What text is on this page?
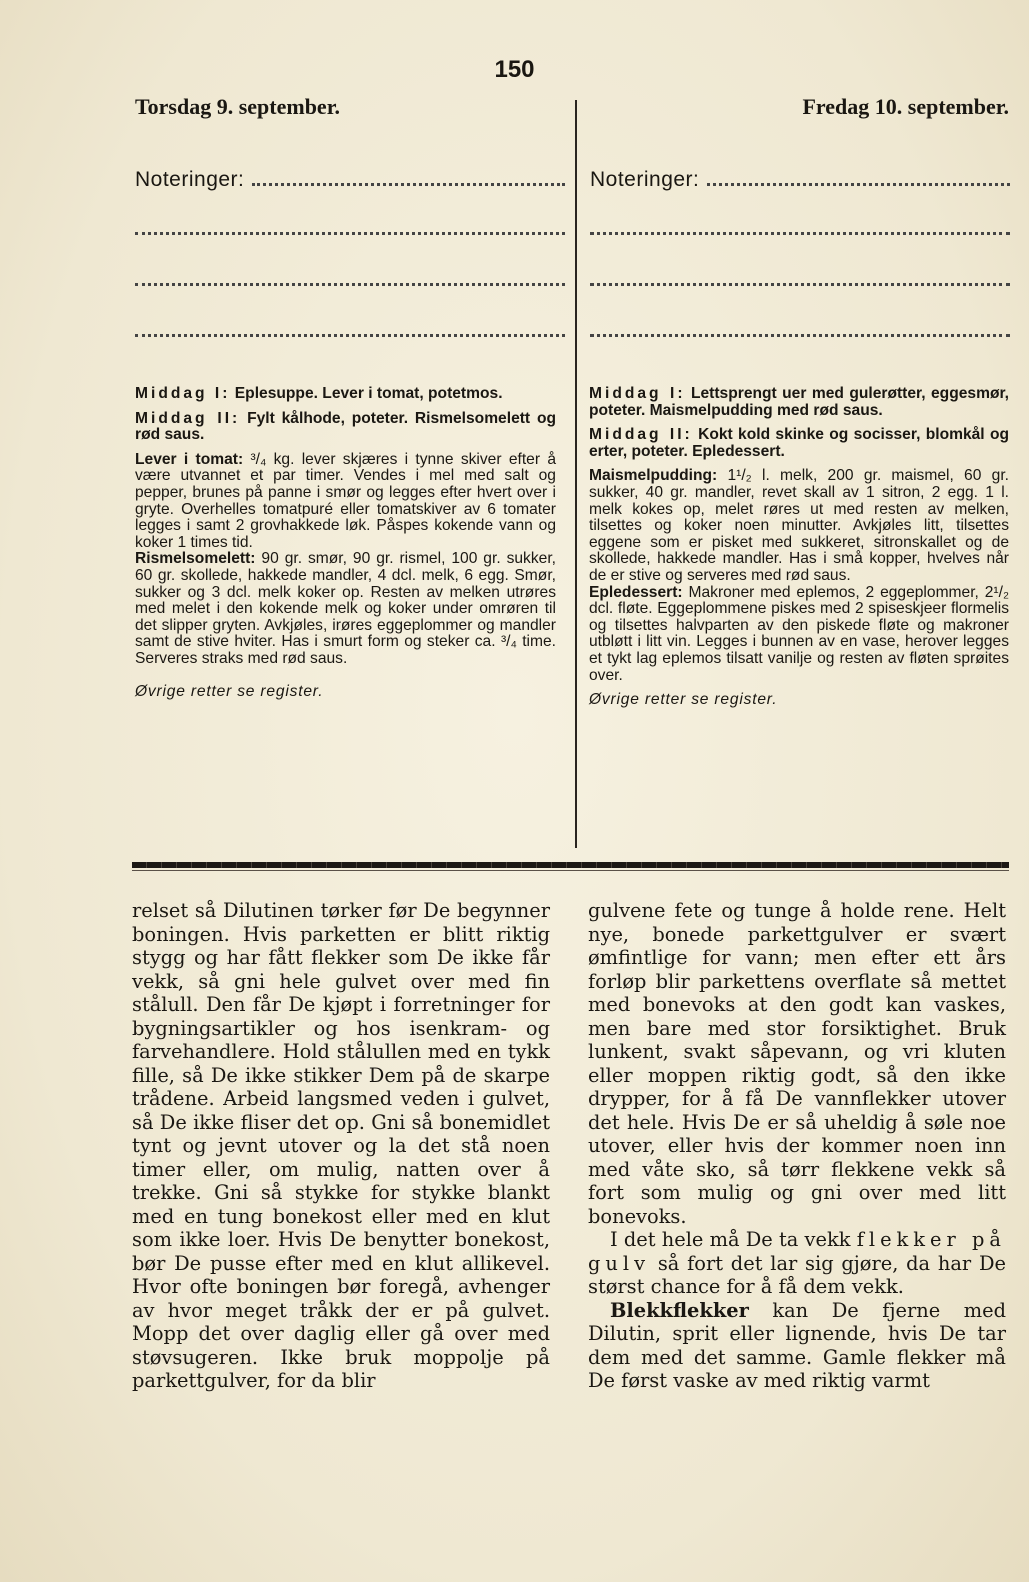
150
Torsdag 9. september.	Fredag 10. september.
Noteringer:	Noteringer:

Middag I: Eplesuppe. Lever i tomat, potetmos.

Middag II: Fylt kålhode, poteter. Rismelsomelett og rød saus.

Lever i tomat: ³/₄ kg. lever skjæres i tynne skiver efter å være utvannet et par timer. Vendes i mel med salt og pepper, brunes på panne i smør og legges efter hvert over i gryte. Overhelles tomatpuré eller tomatskiver av 6 tomater legges i samt 2 grovhakkede løk. Påspes kokende vann og koker 1 times tid.

Rismelsomelett: 90 gr. smør, 90 gr. rismel, 100 gr. sukker, 60 gr. skollede, hakkede mandler, 4 dcl. melk, 6 egg. Smør, sukker og 3 dcl. melk koker op. Resten av melken utrøres med melet i den kokende melk og koker under omrøren til det slipper gryten. Avkjøles, irøres eggeplommer og mandler samt de stive hviter. Has i smurt form og steker ca. ³/₄ time. Serveres straks med rød saus.

Øvrige retter se register.

Middag I: Lettsprengt uer med gulerøtter, eggesmør, poteter. Maismelpudding med rød saus.

Middag II: Kokt kold skinke og socisser, blomkål og erter, poteter. Epledessert.

Maismelpudding: 1¹/₂ l. melk, 200 gr. maismel, 60 gr. sukker, 40 gr. mandler, revet skall av 1 sitron, 2 egg. 1 l. melk kokes op, melet røres ut med resten av melken, tilsettes og koker noen minutter. Avkjøles litt, tilsettes eggene som er pisket med sukkeret, sitronskallet og de skollede, hakkede mandler. Has i små kopper, hvelves når de er stive og serveres med rød saus.

Epledessert: Makroner med eplemos, 2 eggeplommer, 2¹/₂ dcl. fløte. Eggeplommene piskes med 2 spiseskjeer flormelis og tilsettes halvparten av den piskede fløte og makroner utbløtt i litt vin. Legges i bunnen av en vase, herover legges et tykt lag eplemos tilsatt vanilje og resten av fløten sprøites over.

Øvrige retter se register.

relset så Dilutinen tørker før De begynner boningen. Hvis parketten er blitt riktig stygg og har fått flekker som De ikke får vekk, så gni hele gulvet over med fin stålull. Den får De kjøpt i forretninger for bygningsartikler og hos isenkram- og farvehandlere. Hold stålullen med en tykk fille, så De ikke stikker Dem på de skarpe trådene. Arbeid langsmed veden i gulvet, så De ikke fliser det op. Gni så bonemidlet tynt og jevnt utover og la det stå noen timer eller, om mulig, natten over å trekke. Gni så stykke for stykke blankt med en tung bonekost eller med en klut som ikke loer. Hvis De benytter bonekost, bør De pusse efter med en klut allikevel. Hvor ofte boningen bør foregå, avhenger av hvor meget tråkk der er på gulvet. Mopp det over daglig eller gå over med støvsugeren. Ikke bruk moppolje på parkettgulver, for da blir

gulvene fete og tunge å holde rene. Helt nye, bonede parkettgulver er svært ømfintlige for vann; men efter ett års forløp blir parkettens overflate så mettet med bonevoks at den godt kan vaskes, men bare med stor forsiktighet. Bruk lunkent, svakt såpevann, og vri kluten eller moppen riktig godt, så den ikke drypper, for å få De vannflekker utover det hele. Hvis De er så uheldig å søle noe utover, eller hvis der kommer noen inn med våte sko, så tørr flekkene vekk så fort som mulig og gni over med litt bonevoks.

I det hele må De ta vekk flekker på gulv så fort det lar sig gjøre, da har De størst chance for å få dem vekk.

Blekkflekker kan De fjerne med Dilutin, sprit eller lignende, hvis De tar dem med det samme. Gamle flekker må De først vaske av med riktig varmt
